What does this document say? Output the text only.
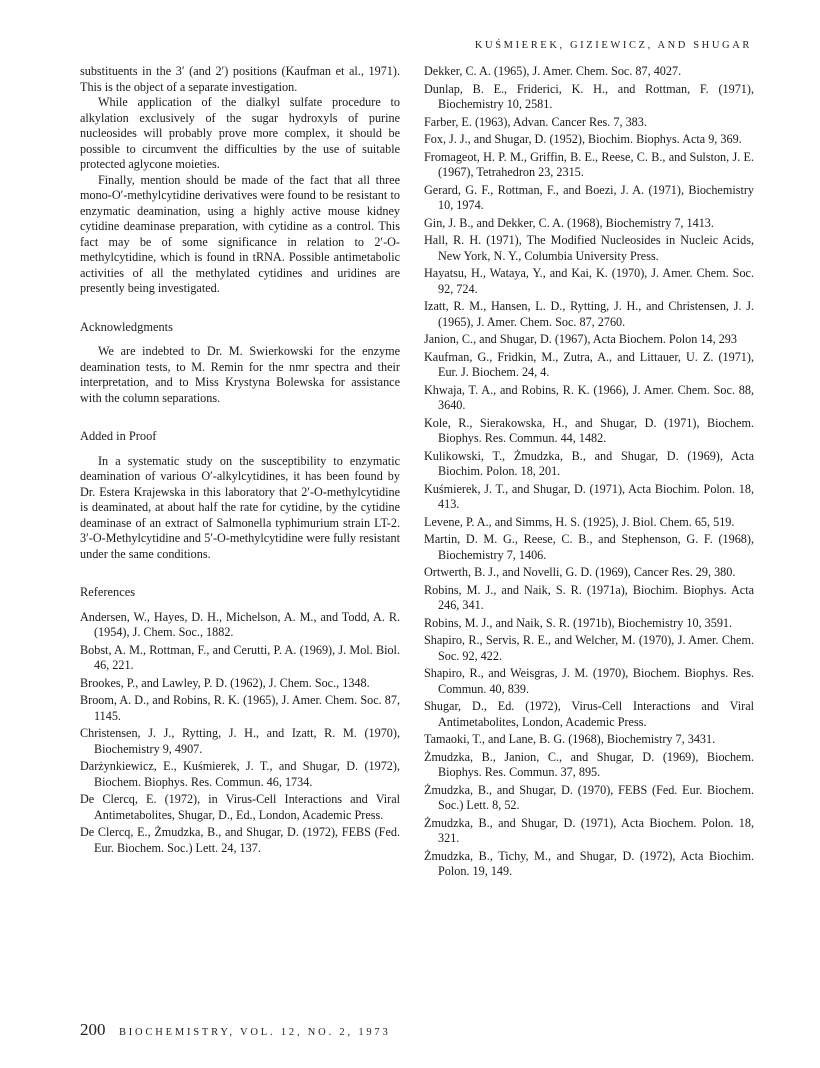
KUŚMIEREK, GIZIEWICZ, AND SHUGAR

substituents in the 3′ (and 2′) positions (Kaufman et al., 1971). This is the object of a separate investigation.

While application of the dialkyl sulfate procedure to alkylation exclusively of the sugar hydroxyls of purine nucleosides will probably prove more complex, it should be possible to circumvent the difficulties by the use of suitable protected aglycone moieties.

Finally, mention should be made of the fact that all three mono-O′-methylcytidine derivatives were found to be resistant to enzymatic deamination, using a highly active mouse kidney cytidine deaminase preparation, with cytidine as a control. This fact may be of some significance in relation to 2′-O-methylcytidine, which is found in tRNA. Possible antimetabolic activities of all the methylated cytidines and uridines are presently being investigated.

Acknowledgments

We are indebted to Dr. M. Swierkowski for the enzyme deamination tests, to M. Remin for the nmr spectra and their interpretation, and to Miss Krystyna Bolewska for assistance with the column separations.

Added in Proof

In a systematic study on the susceptibility to enzymatic deamination of various O′-alkylcytidines, it has been found by Dr. Estera Krajewska in this laboratory that 2′-O-methylcytidine is deaminated, at about half the rate for cytidine, by the cytidine deaminase of an extract of Salmonella typhimurium strain LT-2. 3′-O-Methylcytidine and 5′-O-methylcytidine were fully resistant under the same conditions.

References

Andersen, W., Hayes, D. H., Michelson, A. M., and Todd, A. R. (1954), J. Chem. Soc., 1882.

Bobst, A. M., Rottman, F., and Cerutti, P. A. (1969), J. Mol. Biol. 46, 221.

Brookes, P., and Lawley, P. D. (1962), J. Chem. Soc., 1348.

Broom, A. D., and Robins, R. K. (1965), J. Amer. Chem. Soc. 87, 1145.

Christensen, J. J., Rytting, J. H., and Izatt, R. M. (1970), Biochemistry 9, 4907.

Darżynkiewicz, E., Kuśmierek, J. T., and Shugar, D. (1972), Biochem. Biophys. Res. Commun. 46, 1734.

De Clercq, E. (1972), in Virus-Cell Interactions and Viral Antimetabolites, Shugar, D., Ed., London, Academic Press.

De Clercq, E., Żmudzka, B., and Shugar, D. (1972), FEBS (Fed. Eur. Biochem. Soc.) Lett. 24, 137.

Dekker, C. A. (1965), J. Amer. Chem. Soc. 87, 4027.

Dunlap, B. E., Friderici, K. H., and Rottman, F. (1971), Biochemistry 10, 2581.

Farber, E. (1963), Advan. Cancer Res. 7, 383.

Fox, J. J., and Shugar, D. (1952), Biochim. Biophys. Acta 9, 369.

Fromageot, H. P. M., Griffin, B. E., Reese, C. B., and Sulston, J. E. (1967), Tetrahedron 23, 2315.

Gerard, G. F., Rottman, F., and Boezi, J. A. (1971), Biochemistry 10, 1974.

Gin, J. B., and Dekker, C. A. (1968), Biochemistry 7, 1413.

Hall, R. H. (1971), The Modified Nucleosides in Nucleic Acids, New York, N. Y., Columbia University Press.

Hayatsu, H., Wataya, Y., and Kai, K. (1970), J. Amer. Chem. Soc. 92, 724.

Izatt, R. M., Hansen, L. D., Rytting, J. H., and Christensen, J. J. (1965), J. Amer. Chem. Soc. 87, 2760.

Janion, C., and Shugar, D. (1967), Acta Biochem. Polon 14, 293

Kaufman, G., Fridkin, M., Zutra, A., and Littauer, U. Z. (1971), Eur. J. Biochem. 24, 4.

Khwaja, T. A., and Robins, R. K. (1966), J. Amer. Chem. Soc. 88, 3640.

Kole, R., Sierakowska, H., and Shugar, D. (1971), Biochem. Biophys. Res. Commun. 44, 1482.

Kulikowski, T., Żmudzka, B., and Shugar, D. (1969), Acta Biochim. Polon. 18, 201.

Kuśmierek, J. T., and Shugar, D. (1971), Acta Biochim. Polon. 18, 413.

Levene, P. A., and Simms, H. S. (1925), J. Biol. Chem. 65, 519.

Martin, D. M. G., Reese, C. B., and Stephenson, G. F. (1968), Biochemistry 7, 1406.

Ortwerth, B. J., and Novelli, G. D. (1969), Cancer Res. 29, 380.

Robins, M. J., and Naik, S. R. (1971a), Biochim. Biophys. Acta 246, 341.

Robins, M. J., and Naik, S. R. (1971b), Biochemistry 10, 3591.

Shapiro, R., Servis, R. E., and Welcher, M. (1970), J. Amer. Chem. Soc. 92, 422.

Shapiro, R., and Weisgras, J. M. (1970), Biochem. Biophys. Res. Commun. 40, 839.

Shugar, D., Ed. (1972), Virus-Cell Interactions and Viral Antimetabolites, London, Academic Press.

Tamaoki, T., and Lane, B. G. (1968), Biochemistry 7, 3431.

Żmudzka, B., Janion, C., and Shugar, D. (1969), Biochem. Biophys. Res. Commun. 37, 895.

Żmudzka, B., and Shugar, D. (1970), FEBS (Fed. Eur. Biochem. Soc.) Lett. 8, 52.

Żmudzka, B., and Shugar, D. (1971), Acta Biochem. Polon. 18, 321.

Żmudzka, B., Tichy, M., and Shugar, D. (1972), Acta Biochim. Polon. 19, 149.

200 BIOCHEMISTRY, VOL. 12, NO. 2, 1973
